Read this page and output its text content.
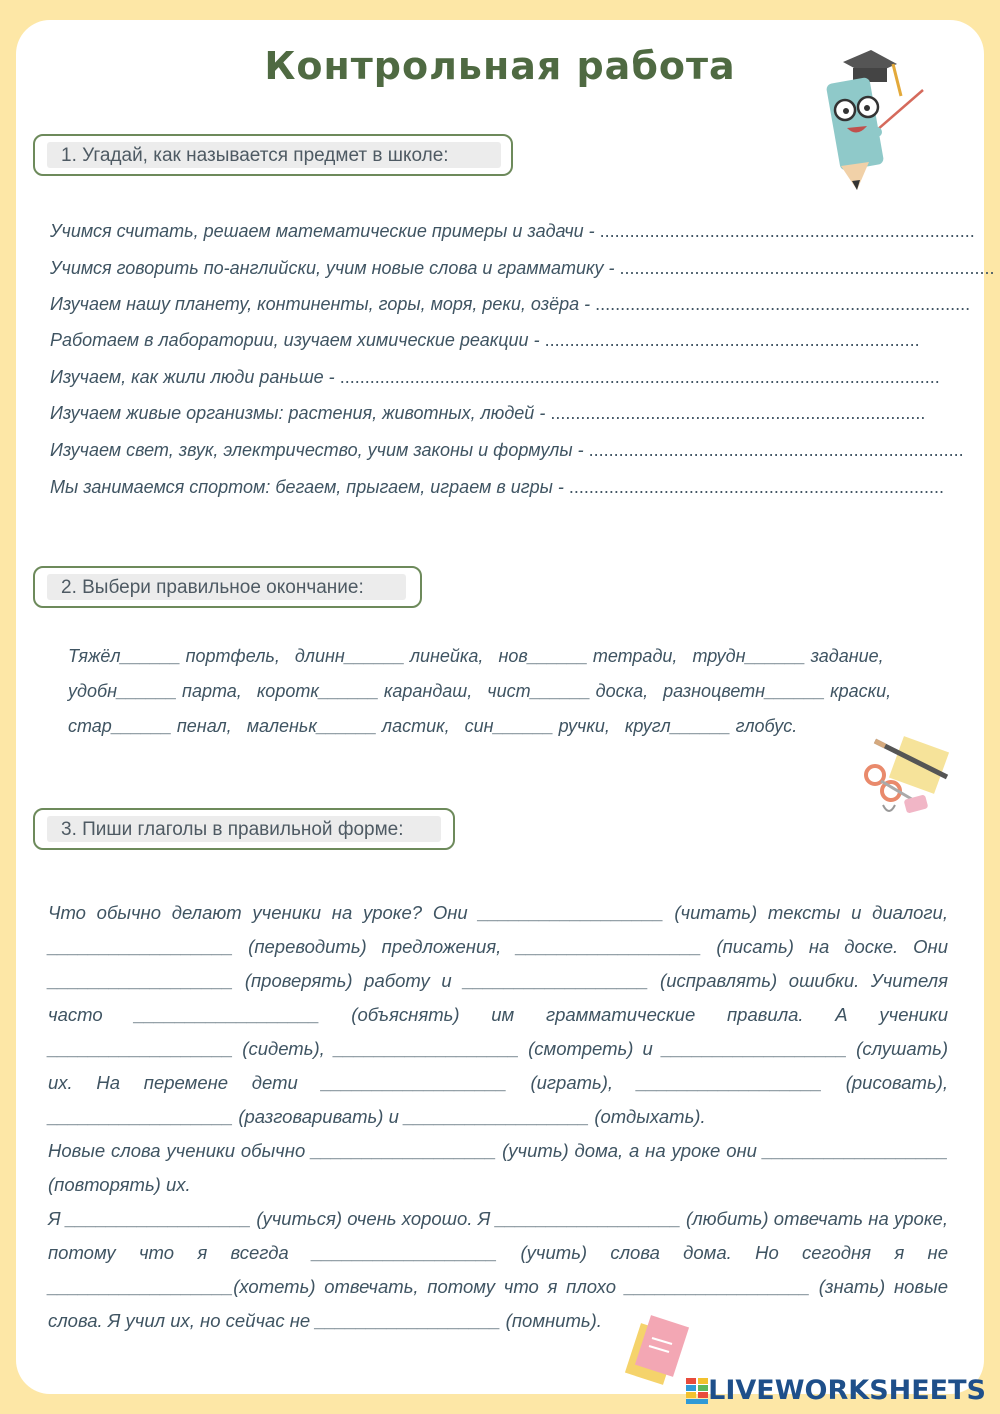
Контрольная работа
1. Угадай, как называется предмет в школе:
Учимся считать, решаем математические примеры и задачи - ...........................................................................
Учимся говорить по-английски, учим новые слова и грамматику - ...........................................................................
Изучаем нашу планету, континенты, горы, моря, реки, озёра - ...........................................................................
Работаем в лаборатории, изучаем химические реакции - ...........................................................................
Изучаем, как жили люди раньше - ........................................................................................................................
Изучаем живые организмы: растения, животных, людей - ...........................................................................
Изучаем свет, звук, электричество, учим законы и формулы - ...........................................................................
Мы занимаемся спортом: бегаем, прыгаем, играем в игры - ...........................................................................
2. Выбери правильное окончание:
Тяжёл______ портфель, длинн______ линейка, нов______ тетради, трудн______ задание,
удобн______ парта, коротк______ карандаш, чист______ доска, разноцветн______ краски,
стар______ пенал, маленьк______ ластик, син______ ручки, кругл______ глобус.
3. Пиши глаголы в правильной форме:

Что обычно делают ученики на уроке? Они __________________ (читать) тексты и диалоги, __________________ (переводить) предложения, __________________ (писать) на доске. Они __________________ (проверять) работу и __________________ (исправлять) ошибки. Учителя часто __________________ (объяснять) им грамматические правила. А ученики __________________ (сидеть), __________________ (смотреть) и __________________ (слушать) их. На перемене дети __________________ (играть), __________________ (рисовать), __________________ (разговаривать) и __________________ (отдыхать).

Новые слова ученики обычно __________________ (учить) дома, а на уроке они __________________ (повторять) их.

Я __________________ (учиться) очень хорошо. Я __________________ (любить) отвечать на уроке, потому что я всегда __________________ (учить) слова дома. Но сегодня я не __________________(хотеть) отвечать, потому что я плохо __________________ (знать) новые слова. Я учил их, но сейчас не __________________ (помнить).

LIVEWORKSHEETS
